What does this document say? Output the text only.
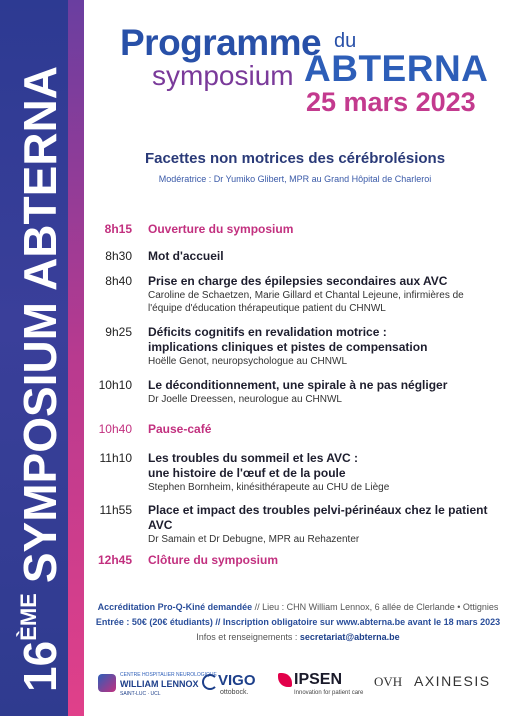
16ÈMESYMPOSIUM ABTERNA
Programme du
symposium ABTERNA
25 mars 2023
Facettes non motrices des cérébrolésions
Modératrice : Dr Yumiko Glibert, MPR au Grand Hôpital de Charleroi
8h15 Ouverture du symposium
8h30 Mot d'accueil
8h40 Prise en charge des épilepsies secondaires aux AVC
Caroline de Schaetzen, Marie Gillard et Chantal Lejeune, infirmières de
l'équipe d'éducation thérapeutique patient du CHNWL
9h25 Déficits cognitifs en revalidation motrice :
implications cliniques et pistes de compensation
Hoëlle Genot, neuropsychologue au CHNWL
10h10 Le déconditionnement, une spirale à ne pas négliger
Dr Joelle Dreessen, neurologue au CHNWL
10h40 Pause-café
11h10 Les troubles du sommeil et les AVC :
une histoire de l'œuf et de la poule
Stephen Bornheim, kinésithérapeute au CHU de Liège
11h55 Place et impact des troubles pelvi-périnéaux chez le patient AVC
Dr Samain et Dr Debugne, MPR au Rehazenter
12h45 Clôture du symposium
Accréditation Pro-Q-Kiné demandée // Lieu : CHN William Lennox, 6 allée de Clerlande • Ottignies
Entrée : 50€ (20€ étudiants) // Inscription obligatoire sur www.abterna.be avant le 18 mars 2023
Infos et renseignements : secretariat@abterna.be
CENTRE HOSPITALIER NEUROLOGIQUE
WILLIAM LENNOX
SAINT-LUC · UCL
VIGO
ottobock.
IPSEN
Innovation for patient care
OVH AXINESIS
